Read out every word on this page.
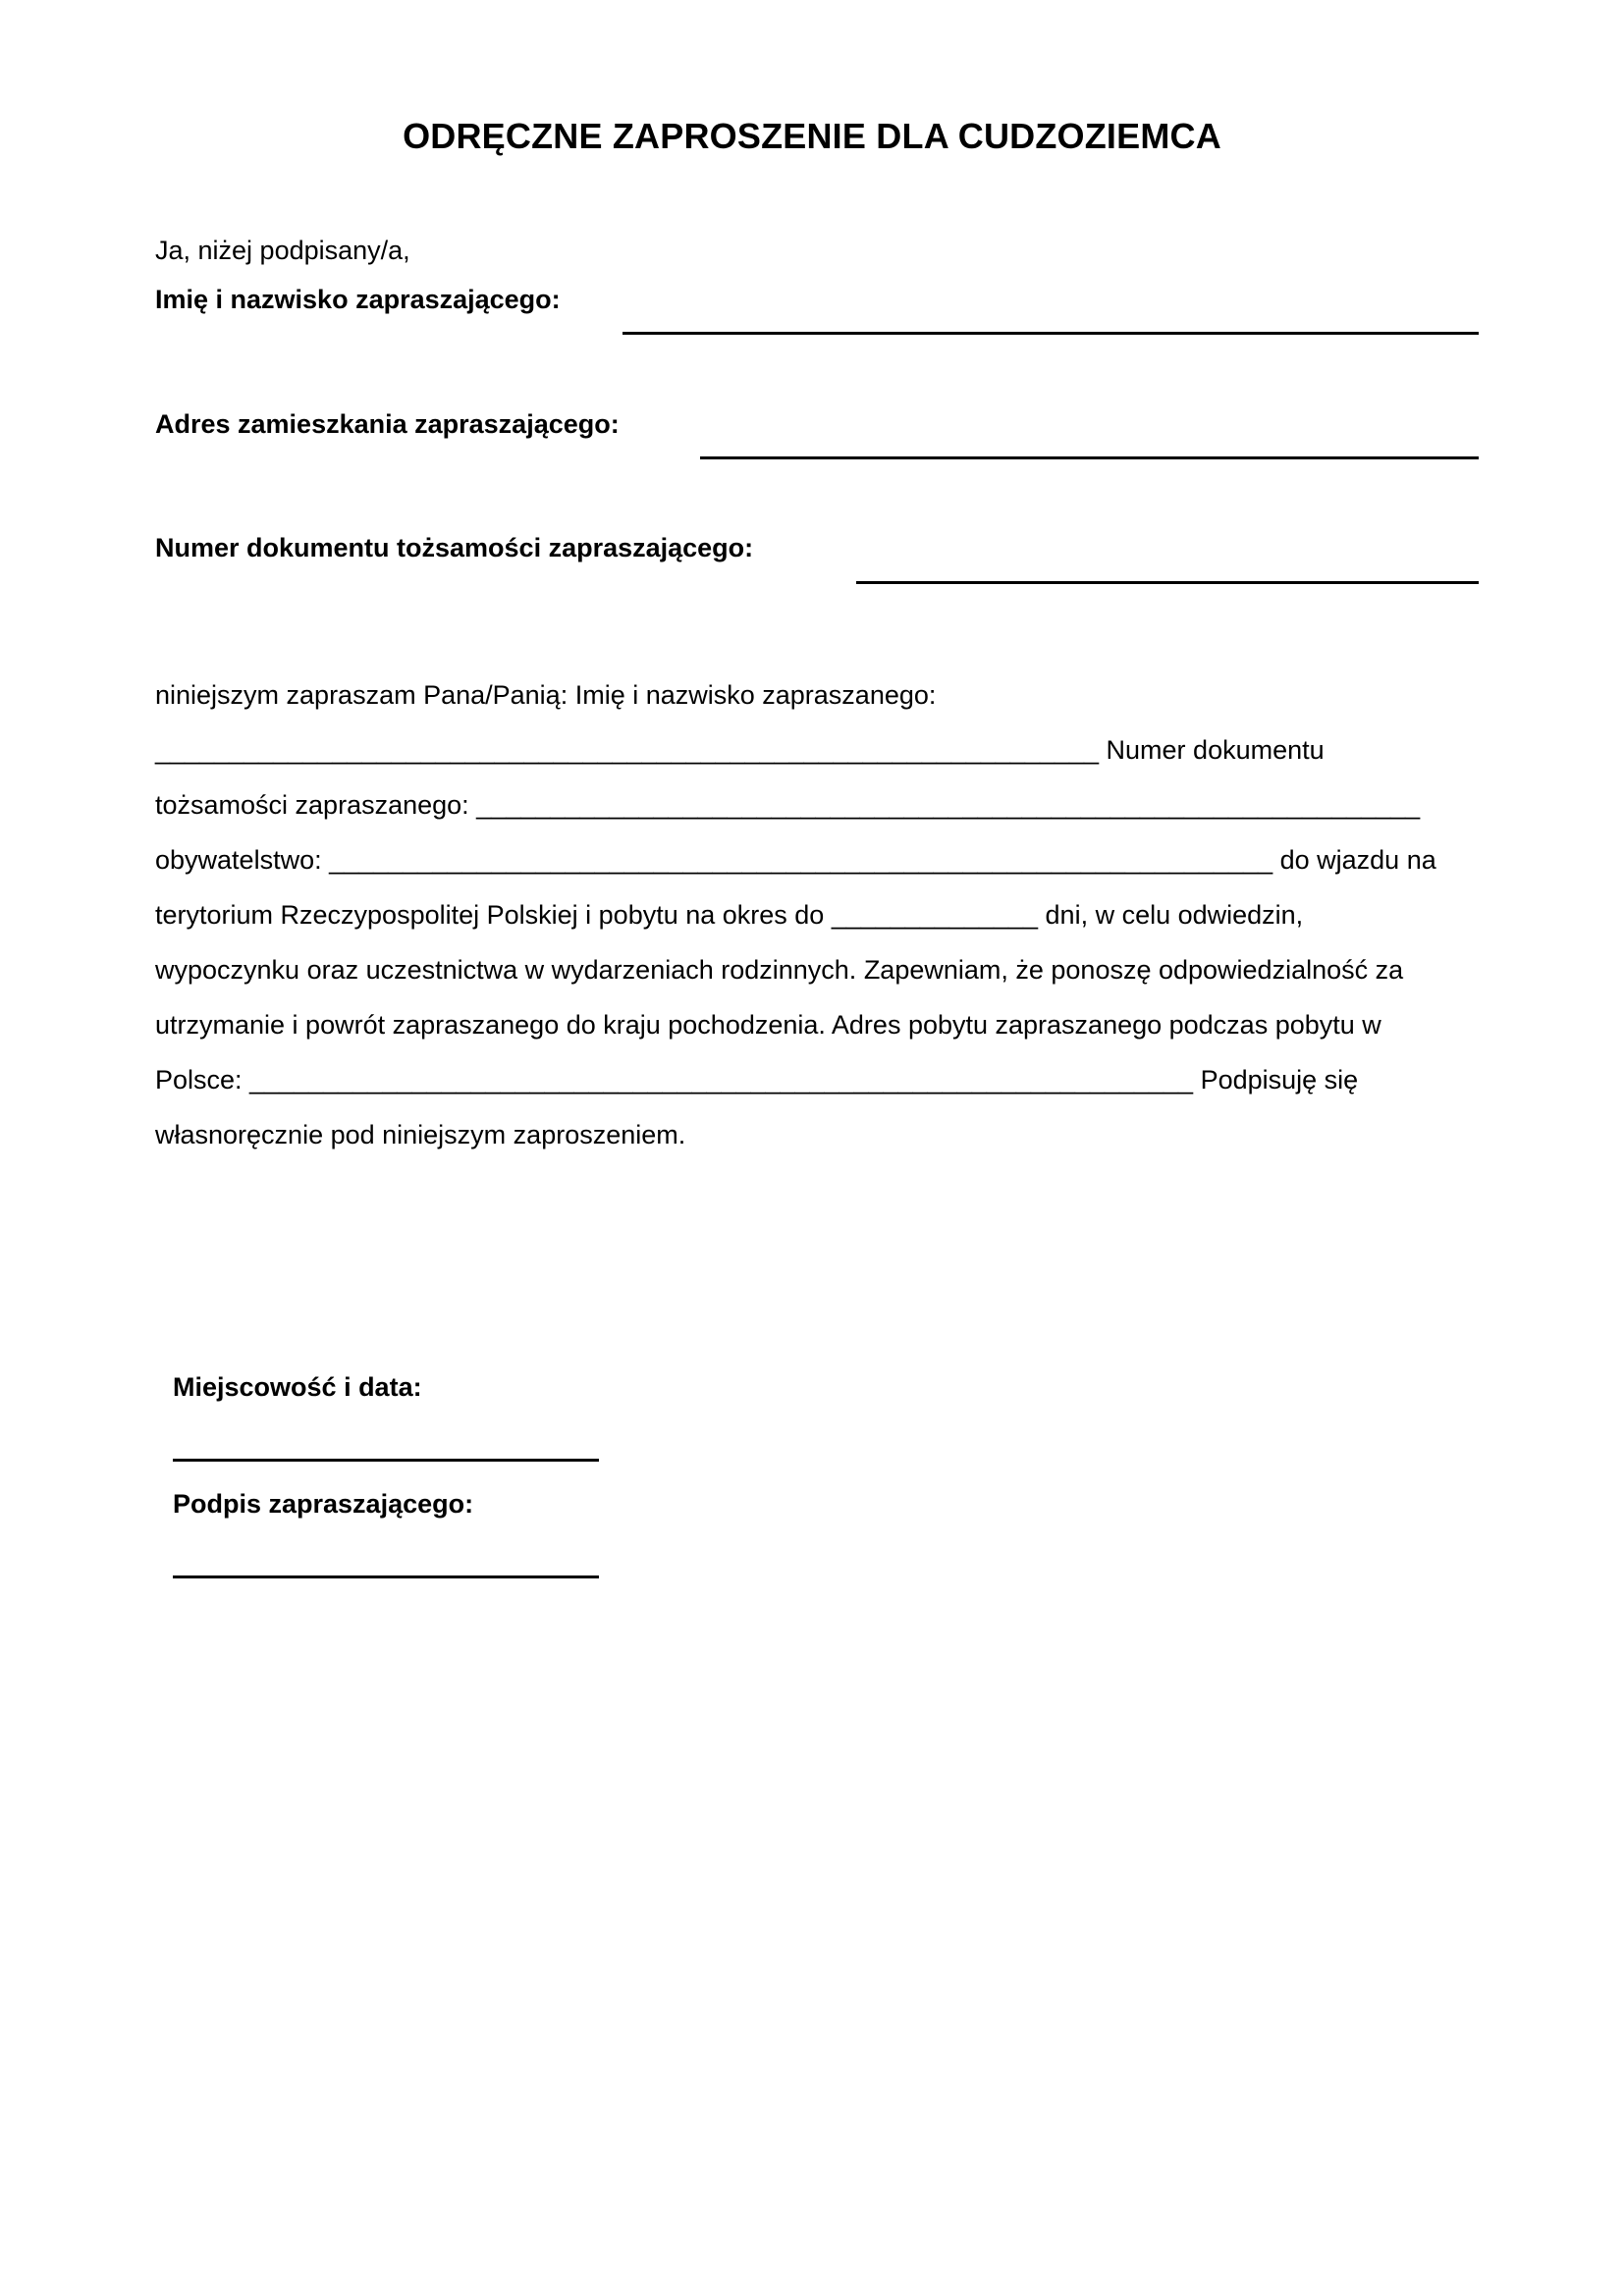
ODRĘCZNE ZAPROSZENIE DLA CUDZOZIEMCA
Ja, niżej podpisany/a,
Imię i nazwisko zapraszającego:
Adres zamieszkania zapraszającego:
Numer dokumentu tożsamości zapraszającego:
niniejszym zapraszam Pana/Panią: Imię i nazwisko zapraszanego:
________________________________________________________________ Numer dokumentu
tożsamości zapraszanego: ________________________________________________________________
obywatelstwo: ________________________________________________________________ do wjazdu na
terytorium Rzeczypospolitej Polskiej i pobytu na okres do ______________ dni, w celu odwiedzin,
wypoczynku oraz uczestnictwa w wydarzeniach rodzinnych. Zapewniam, że ponoszę odpowiedzialność za
utrzymanie i powrót zapraszanego do kraju pochodzenia. Adres pobytu zapraszanego podczas pobytu w
Polsce: ________________________________________________________________ Podpisuję się
własnoręcznie pod niniejszym zaproszeniem.
Miejscowość i data:
Podpis zapraszającego:
